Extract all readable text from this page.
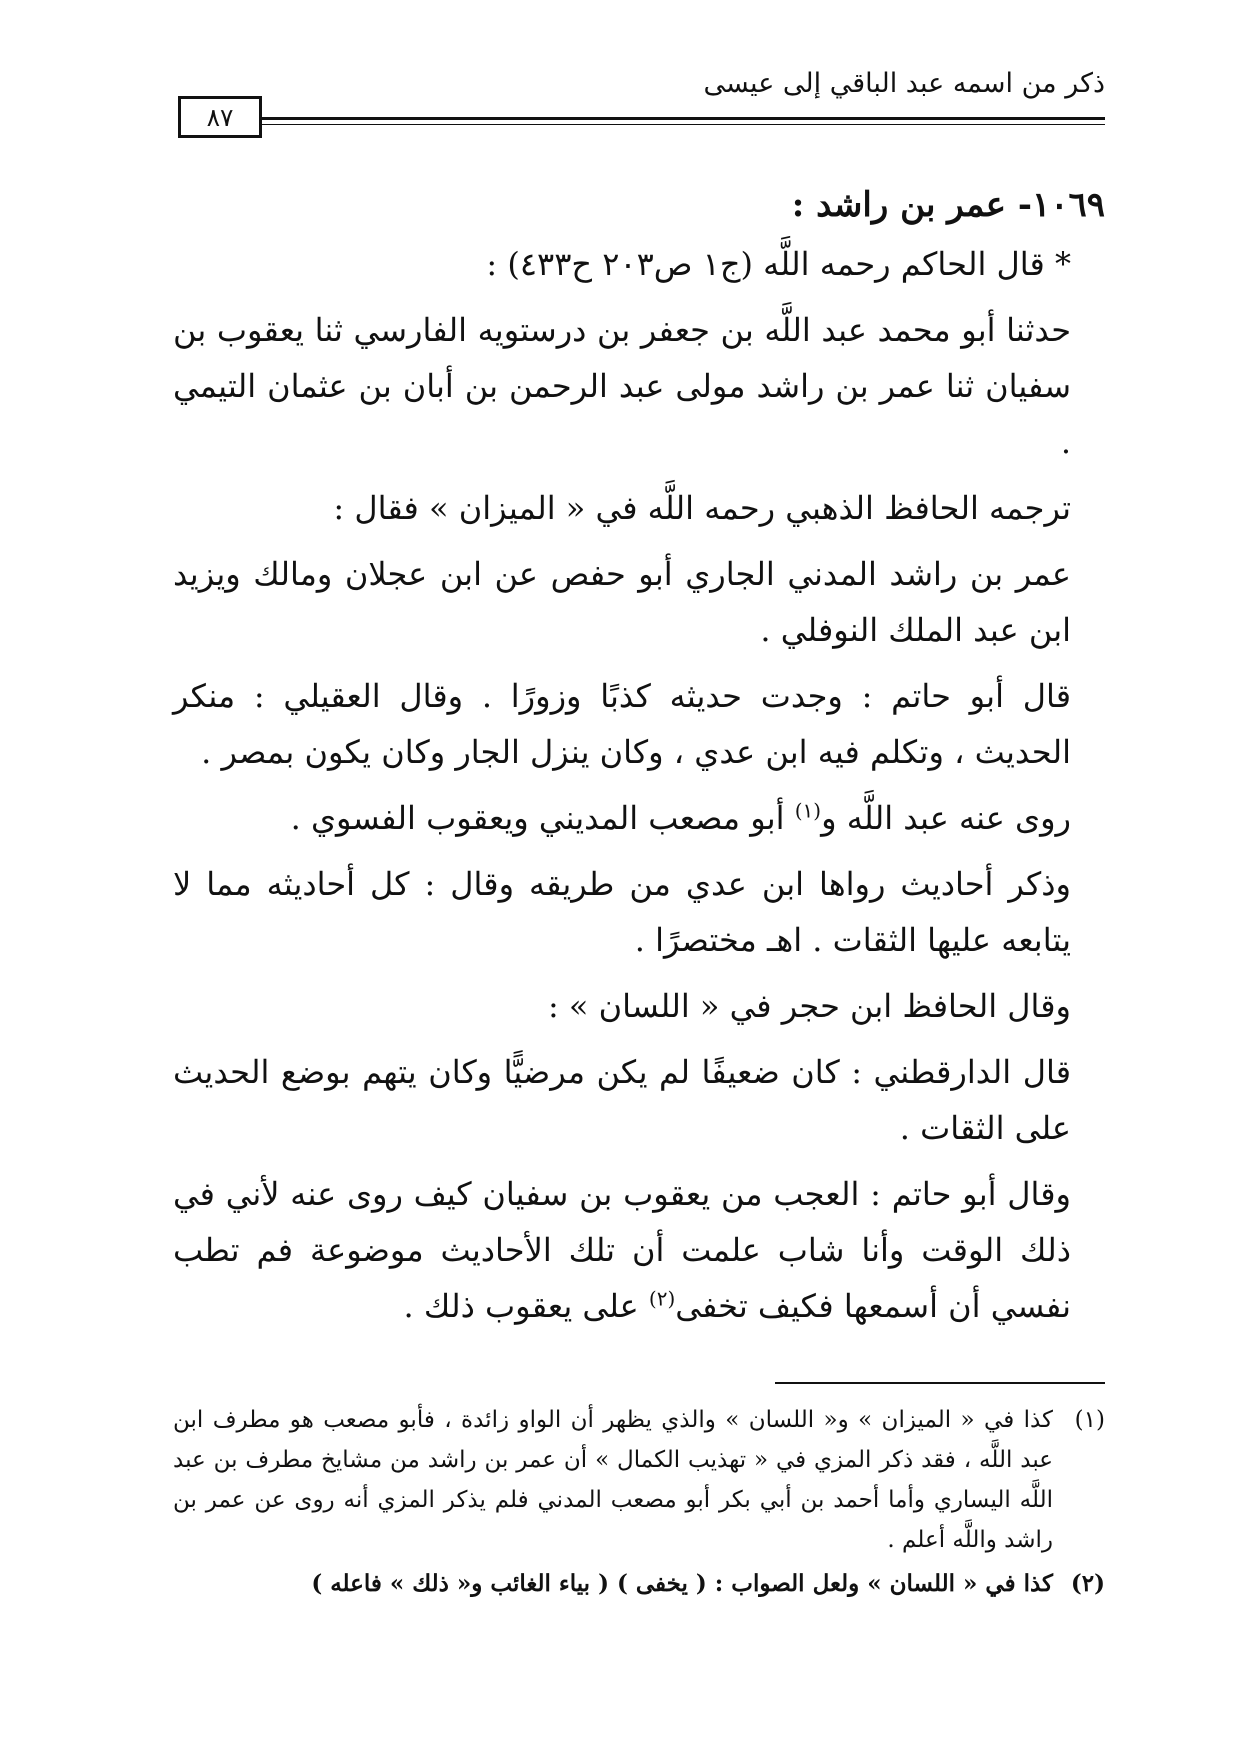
ذكر من اسمه عبد الباقي إلى عيسى
٨٧
١٠٦٩- عمر بن راشد :

* قال الحاكم رحمه اللَّه (ج١ ص٢٠٣ ح٤٣٣) :

حدثنا أبو محمد عبد اللَّه بن جعفر بن درستويه الفارسي ثنا يعقوب بن سفيان ثنا عمر بن راشد مولى عبد الرحمن بن أبان بن عثمان التيمي .

ترجمه الحافظ الذهبي رحمه اللَّه في « الميزان » فقال :

عمر بن راشد المدني الجاري أبو حفص عن ابن عجلان ومالك ويزيد ابن عبد الملك النوفلي .

قال أبو حاتم : وجدت حديثه كذبًا وزورًا . وقال العقيلي : منكر الحديث ، وتكلم فيه ابن عدي ، وكان ينزل الجار وكان يكون بمصر .

روى عنه عبد اللَّه و$^{(١)}$ أبو مصعب المديني ويعقوب الفسوي .

وذكر أحاديث رواها ابن عدي من طريقه وقال : كل أحاديثه مما لا يتابعه عليها الثقات . اهـ مختصرًا .

وقال الحافظ ابن حجر في « اللسان » :

قال الدارقطني : كان ضعيفًا لم يكن مرضيًّا وكان يتهم بوضع الحديث على الثقات .

وقال أبو حاتم : العجب من يعقوب بن سفيان كيف روى عنه لأني في ذلك الوقت وأنا شاب علمت أن تلك الأحاديث موضوعة فم تطب نفسي أن أسمعها فكيف تخفى$^{(٢)}$ على يعقوب ذلك .

(١)
كذا في « الميزان » و« اللسان » والذي يظهر أن الواو زائدة ، فأبو مصعب هو مطرف ابن عبد اللَّه ، فقد ذكر المزي في « تهذيب الكمال » أن عمر بن راشد من مشايخ مطرف بن عبد اللَّه اليساري وأما أحمد بن أبي بكر أبو مصعب المدني فلم يذكر المزي أنه روى عن عمر بن راشد واللَّه أعلم .
(٢)
كذا في « اللسان » ولعل الصواب : ( يخفى ) ( بياء الغائب و« ذلك » فاعله )
